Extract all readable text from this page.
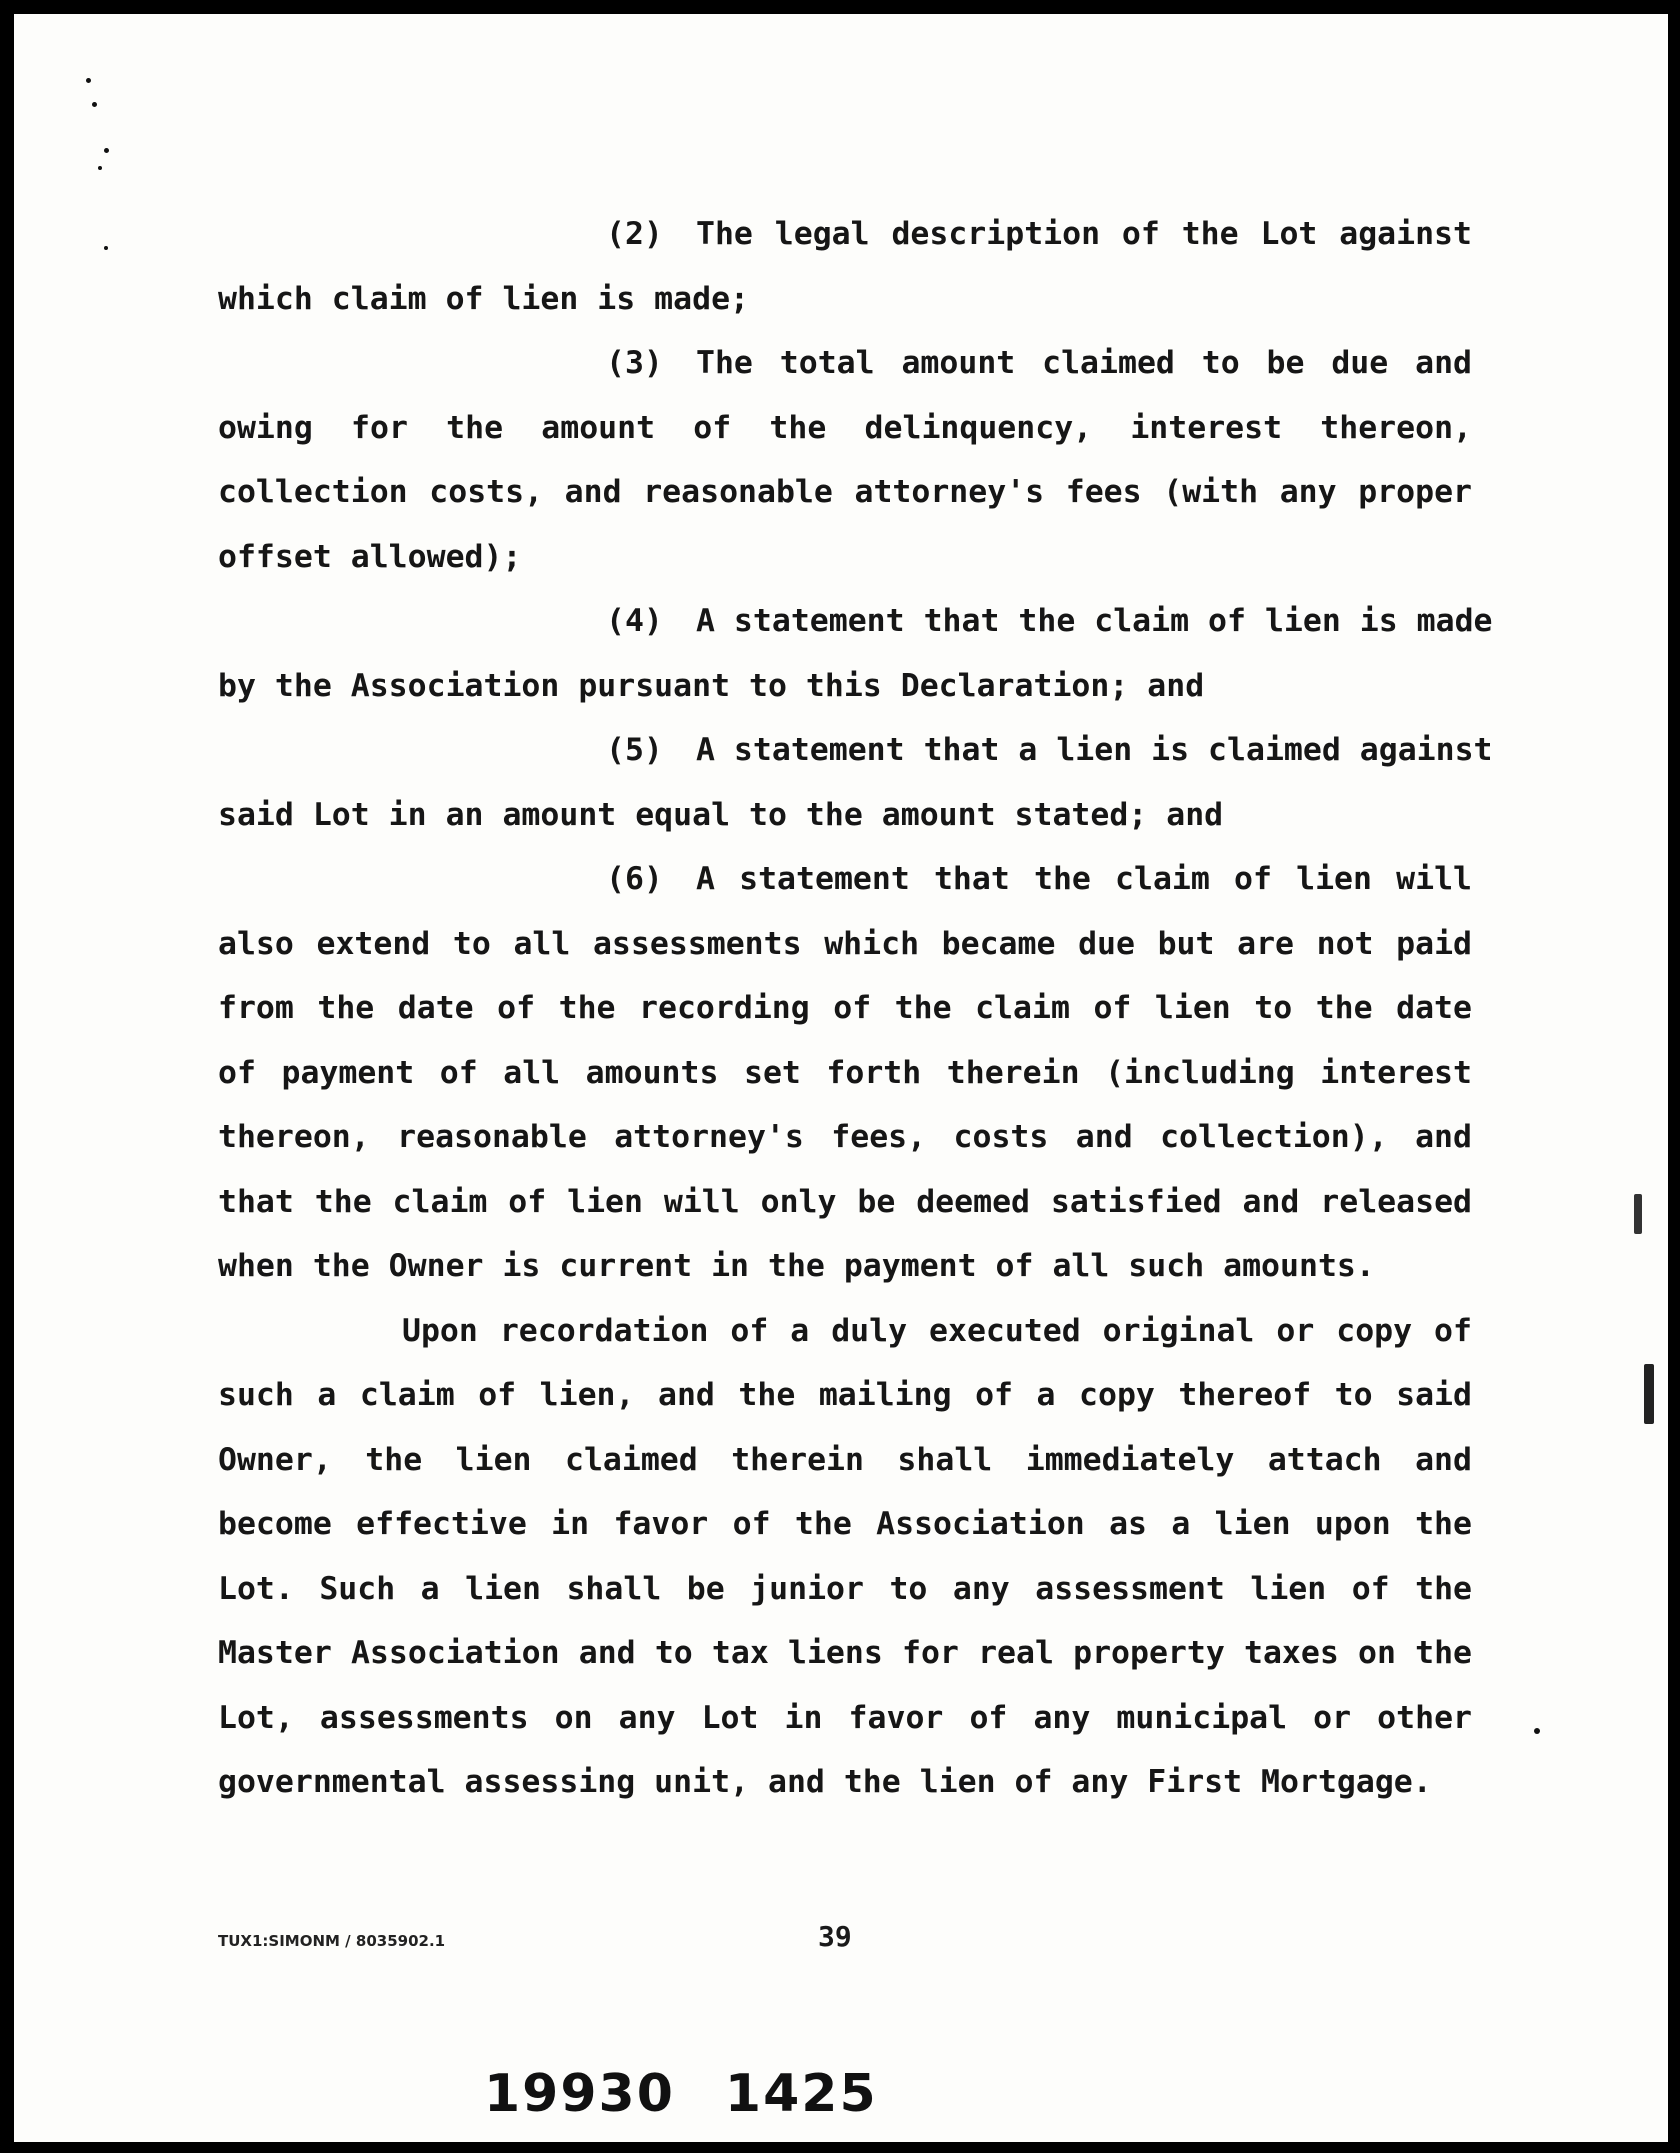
(2) The legal description of the Lot against
which claim of lien is made;
(3) The total amount claimed to be due and
owing for the amount of the delinquency, interest thereon,
collection costs, and reasonable attorney's fees (with any proper
offset allowed);
(4) A statement that the claim of lien is made
by the Association pursuant to this Declaration; and
(5) A statement that a lien is claimed against
said Lot in an amount equal to the amount stated; and
(6) A statement that the claim of lien will
also extend to all assessments which became due but are not paid
from the date of the recording of the claim of lien to the date
of payment of all amounts set forth therein (including interest
thereon, reasonable attorney's fees, costs and collection), and
that the claim of lien will only be deemed satisfied and released
when the Owner is current in the payment of all such amounts.
Upon recordation of a duly executed original or copy of
such a claim of lien, and the mailing of a copy thereof to said
Owner, the lien claimed therein shall immediately attach and
become effective in favor of the Association as a lien upon the
Lot. Such a lien shall be junior to any assessment lien of the
Master Association and to tax liens for real property taxes on the
Lot, assessments on any Lot in favor of any municipal or other
governmental assessing unit, and the lien of any First Mortgage.
TUX1:SIMONM / 8035902.1	39
19930 1425
